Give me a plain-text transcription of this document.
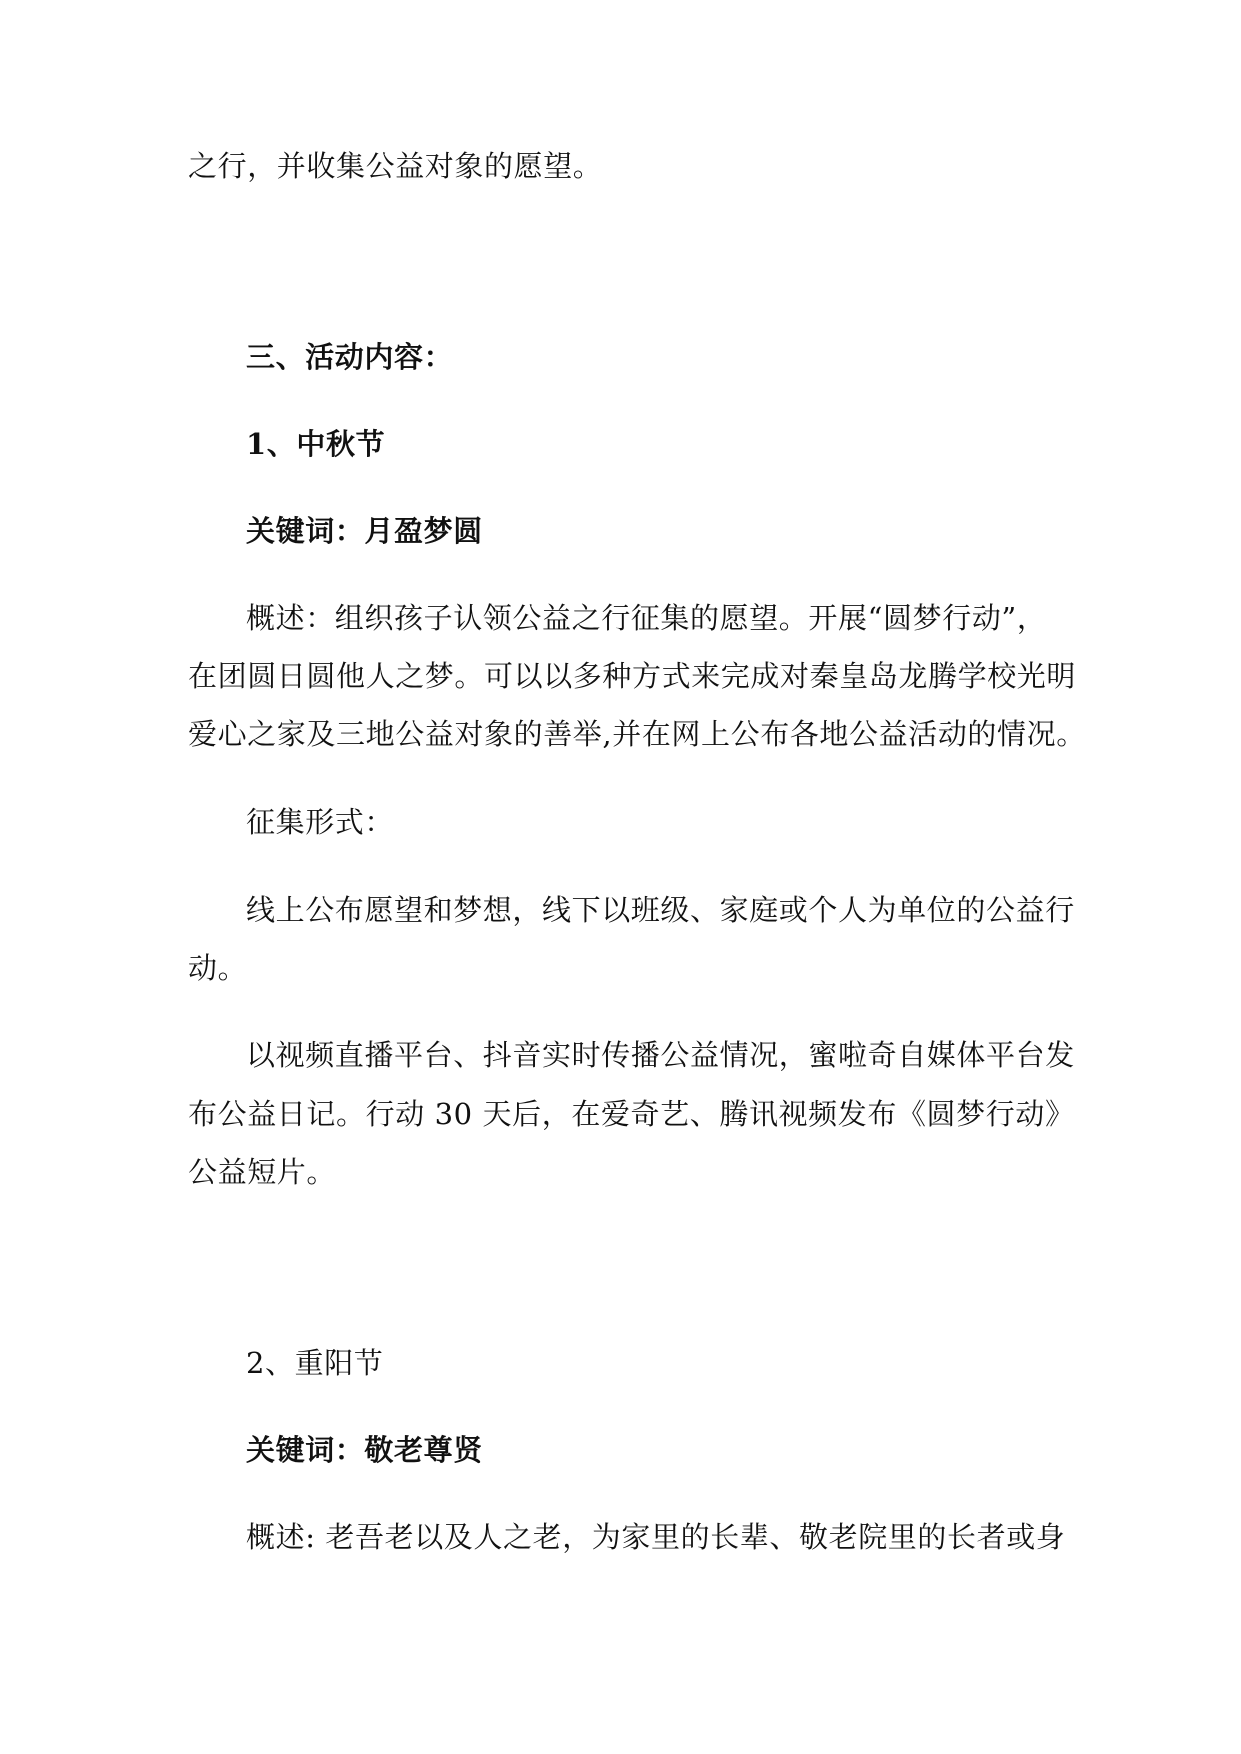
之行，并收集公益对象的愿望。
三、活动内容：
1、中秋节
关键词：月盈梦圆
概述：组织孩子认领公益之行征集的愿望。开展“圆梦行动”，
在团圆日圆他人之梦。可以以多种方式来完成对秦皇岛龙腾学校光明
爱心之家及三地公益对象的善举,并在网上公布各地公益活动的情况。
征集形式：
线上公布愿望和梦想，线下以班级、家庭或个人为单位的公益行
动。
以视频直播平台、抖音实时传播公益情况，蜜啦奇自媒体平台发
布公益日记。行动 30 天后，在爱奇艺、腾讯视频发布《圆梦行动》
公益短片。
2、重阳节
关键词：敬老尊贤
概述: 老吾老以及人之老，为家里的长辈、敬老院里的长者或身
